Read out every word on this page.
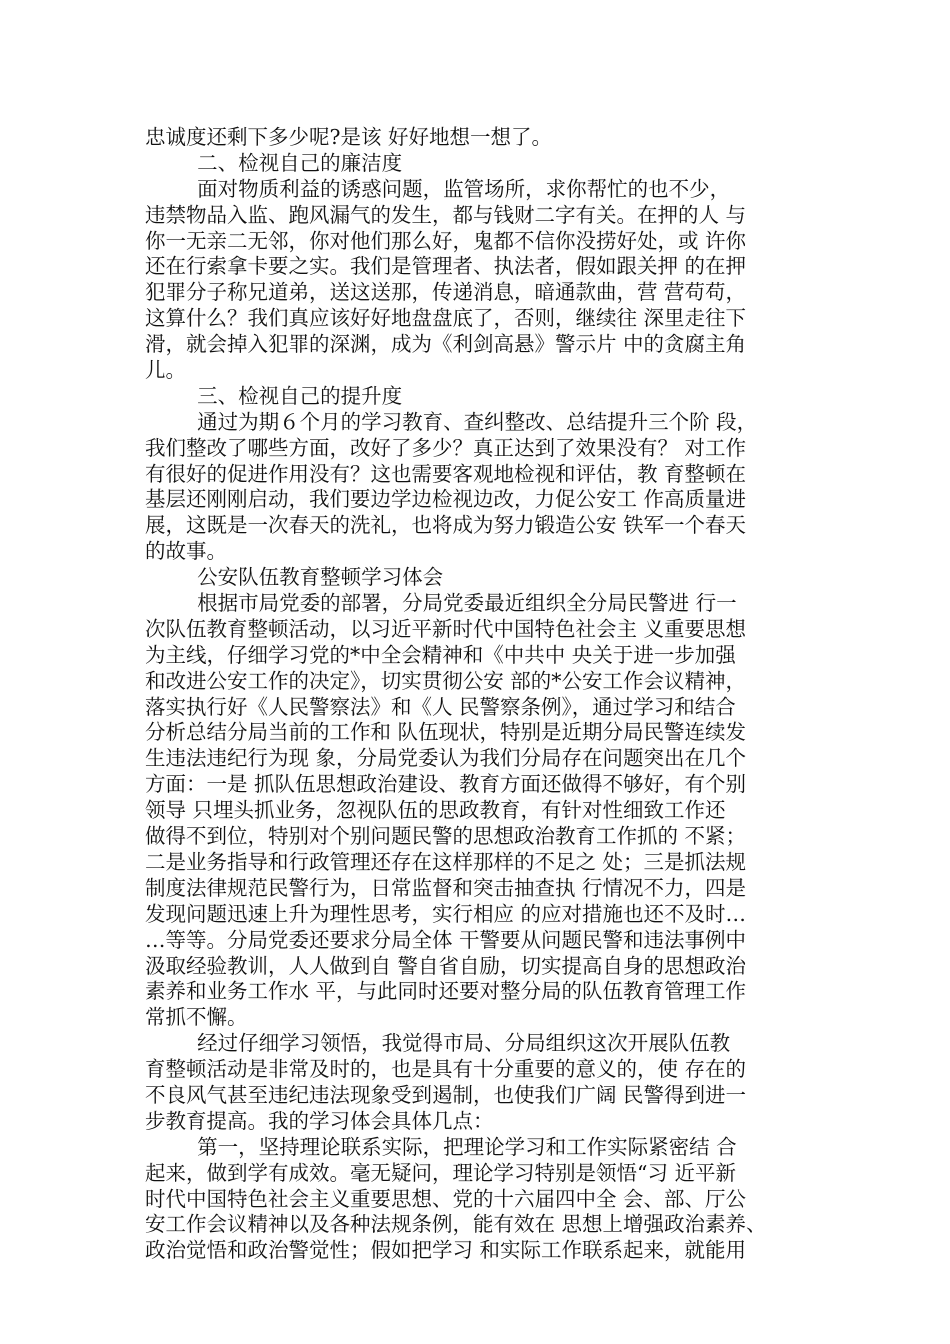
忠诚度还剩下多少呢?是该 好好地想一想了。
二、检视自己的廉洁度
面对物质利益的诱惑问题，监管场所，求你帮忙的也不少，
违禁物品入监、跑风漏气的发生，都与钱财二字有关。在押的人 与
你一无亲二无邻，你对他们那么好，鬼都不信你没捞好处，或 许你
还在行索拿卡要之实。我们是管理者、执法者，假如跟关押 的在押
犯罪分子称兄道弟，送这送那，传递消息，暗通款曲，营 营苟苟，
这算什么？我们真应该好好地盘盘底了，否则，继续往 深里走往下
滑，就会掉入犯罪的深渊，成为《利剑高悬》警示片 中的贪腐主角
儿。
三、检视自己的提升度
通过为期６个月的学习教育、查纠整改、总结提升三个阶 段，
我们整改了哪些方面，改好了多少？真正达到了效果没有？ 对工作
有很好的促进作用没有？这也需要客观地检视和评估，教 育整顿在
基层还刚刚启动，我们要边学边检视边改，力促公安工 作高质量进
展，这既是一次春天的洗礼，也将成为努力锻造公安 铁军一个春天
的故事。
公安队伍教育整顿学习体会
根据市局党委的部署，分局党委最近组织全分局民警进 行一
次队伍教育整顿活动，以习近平新时代中国特色社会主 义重要思想
为主线，仔细学习党的*中全会精神和《中共中 央关于进一步加强
和改进公安工作的决定》，切实贯彻公安 部的*公安工作会议精神，
落实执行好《人民警察法》和《人 民警察条例》，通过学习和结合
分析总结分局当前的工作和 队伍现状，特别是近期分局民警连续发
生违法违纪行为现 象，分局党委认为我们分局存在问题突出在几个
方面：一是 抓队伍思想政治建设、教育方面还做得不够好，有个别
领导 只埋头抓业务，忽视队伍的思政教育，有针对性细致工作还
做得不到位，特别对个别问题民警的思想政治教育工作抓的 不紧；
二是业务指导和行政管理还存在这样那样的不足之 处；三是抓法规
制度法律规范民警行为，日常监督和突击抽查执 行情况不力，四是
发现问题迅速上升为理性思考，实行相应 的应对措施也还不及时…
…等等。分局党委还要求分局全体 干警要从问题民警和违法事例中
汲取经验教训，人人做到自 警自省自励，切实提高自身的思想政治
素养和业务工作水 平，与此同时还要对整分局的队伍教育管理工作
常抓不懈。
经过仔细学习领悟，我觉得市局、分局组织这次开展队伍教
育整顿活动是非常及时的，也是具有十分重要的意义的，使 存在的
不良风气甚至违纪违法现象受到遏制，也使我们广阔 民警得到进一
步教育提高。我的学习体会具体几点：
第一，坚持理论联系实际，把理论学习和工作实际紧密结 合
起来，做到学有成效。毫无疑问，理论学习特别是领悟“习 近平新
时代中国特色社会主义重要思想、党的十六届四中全 会、部、厅公
安工作会议精神以及各种法规条例，能有效在 思想上增强政治素养、
政治觉悟和政治警觉性；假如把学习 和实际工作联系起来，就能用
